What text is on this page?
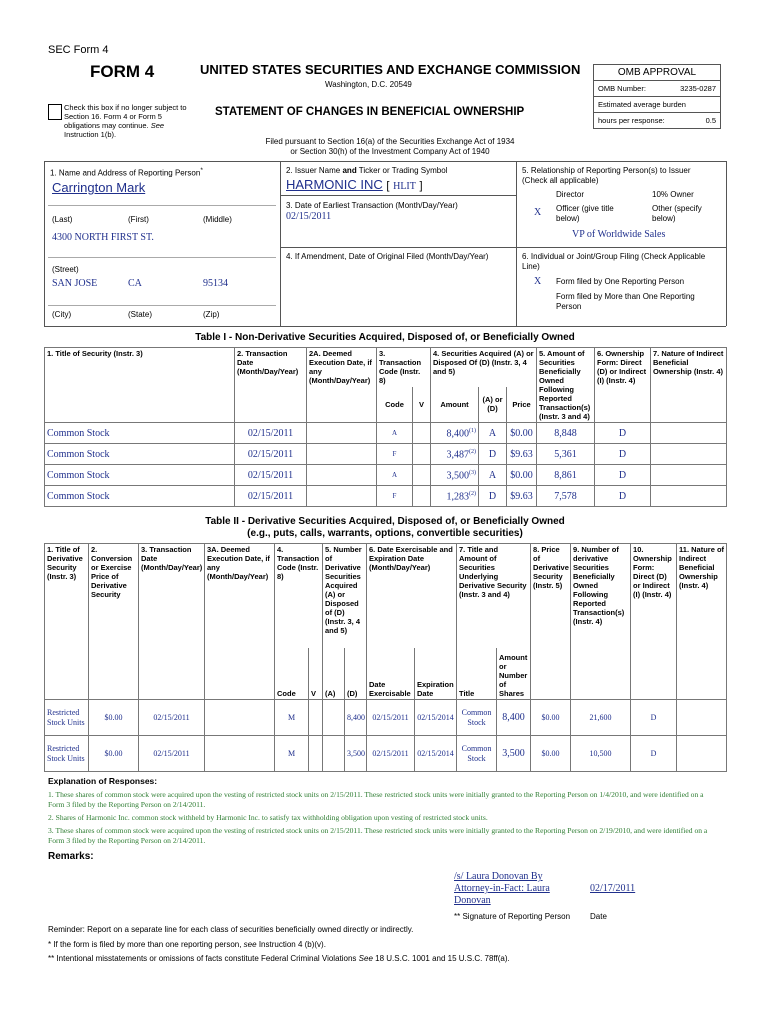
SEC Form 4
FORM 4	UNITED STATES SECURITIES AND EXCHANGE COMMISSION
Washington, D.C. 20549
Check this box if no longer subject to Section 16. Form 4 or Form 5 obligations may continue. See Instruction 1(b).
STATEMENT OF CHANGES IN BENEFICIAL OWNERSHIP
Filed pursuant to Section 16(a) of the Securities Exchange Act of 1934
or Section 30(h) of the Investment Company Act of 1940
OMB APPROVAL
OMB Number:	3235-0287
Estimated average burden
hours per response:	0.5
1. Name and Address of Reporting Person*
Carrington Mark
(Last)	(First)	(Middle)
4300 NORTH FIRST ST.
(Street)
SAN JOSE	CA	95134
(City)	(State)	(Zip)
2. Issuer Name and Ticker or Trading Symbol
HARMONIC INC [ HLIT ]
3. Date of Earliest Transaction (Month/Day/Year)
02/15/2011
4. If Amendment, Date of Original Filed (Month/Day/Year)
5. Relationship of Reporting Person(s) to Issuer
(Check all applicable)
Director	10% Owner
X Officer (give title below)
Other (specify below)
VP of Worldwide Sales
6. Individual or Joint/Group Filing (Check Applicable Line)
X Form filed by One Reporting Person
Form filed by More than One Reporting Person
Table I - Non-Derivative Securities Acquired, Disposed of, or Beneficially Owned
1. Title of Security (Instr. 3)	2. Transaction Date (Month/Day/Year)	2A. Deemed Execution Date, if any (Month/Day/Year)	3. Transaction Code (Instr. 8)		4. Securities Acquired (A) or Disposed Of (D) (Instr. 3, 4 and 5)			5. Amount of Securities Beneficially Owned Following Reported Transaction(s) (Instr. 3 and 4)	6. Ownership Form: Direct (D) or Indirect (I) (Instr. 4)	7. Nature of Indirect Beneficial Ownership (Instr. 4)
			Code	V	Amount	(A) or (D)	Price			
Common Stock	02/15/2011		A		8,400$^{(1)}$	A	$0.00	8,848	D	
Common Stock	02/15/2011		F		3,487$^{(2)}$	D	$9.63	5,361	D	
Common Stock	02/15/2011		A		3,500$^{(3)}$	A	$0.00	8,861	D	
Common Stock	02/15/2011		F		1,283$^{(2)}$	D	$9.63	7,578	D	
Table II - Derivative Securities Acquired, Disposed of, or Beneficially Owned
(e.g., puts, calls, warrants, options, convertible securities)
1. Title of Derivative Security (Instr. 3)	2. Conversion or Exercise Price of Derivative Security	3. Transaction Date (Month/Day/Year)	3A. Deemed Execution Date, if any (Month/Day/Year)	4. Transaction Code (Instr. 8)		5. Number of Derivative Securities Acquired (A) or Disposed of (D) (Instr. 3, 4 and 5)		6. Date Exercisable and Expiration Date (Month/Day/Year)		7. Title and Amount of Securities Underlying Derivative Security (Instr. 3 and 4)		8. Price of Derivative Security (Instr. 5)	9. Number of derivative Securities Beneficially Owned Following Reported Transaction(s) (Instr. 4)	10. Ownership Form: Direct (D) or Indirect (I) (Instr. 4)	11. Nature of Indirect Beneficial Ownership (Instr. 4)
				Code	V	(A)	(D)	Date Exercisable	Expiration Date	Title	Amount or Number of Shares				
Restricted Stock Units	$0.00	02/15/2011		M			8,400	02/15/2011	02/15/2014	Common Stock	8,400	$0.00	21,600	D	
Restricted Stock Units	$0.00	02/15/2011		M			3,500	02/15/2011	02/15/2014	Common Stock	3,500	$0.00	10,500	D	
Explanation of Responses:
1. These shares of common stock were acquired upon the vesting of restricted stock units on 2/15/2011. These restricted stock units were initially granted to the Reporting Person on 1/4/2010, and were identified on a Form 3 filed by the Reporting Person on 2/14/2011.
2. Shares of Harmonic Inc. common stock withheld by Harmonic Inc. to satisfy tax withholding obligation upon vesting of restricted stock units.
3. These shares of common stock were acquired upon the vesting of restricted stock units on 2/15/2011. These restricted stock units were initially granted to the Reporting Person on 2/19/2010, and were identified on a Form 3 filed by the Reporting Person on 2/14/2011.
Remarks:
/s/ Laura Donovan By
Attorney-in-Fact: Laura
Donovan
02/17/2011
** Signature of Reporting Person Date
Reminder: Report on a separate line for each class of securities beneficially owned directly or indirectly.
* If the form is filed by more than one reporting person, see Instruction 4 (b)(v).
** Intentional misstatements or omissions of facts constitute Federal Criminal Violations See 18 U.S.C. 1001 and 15 U.S.C. 78ff(a).
